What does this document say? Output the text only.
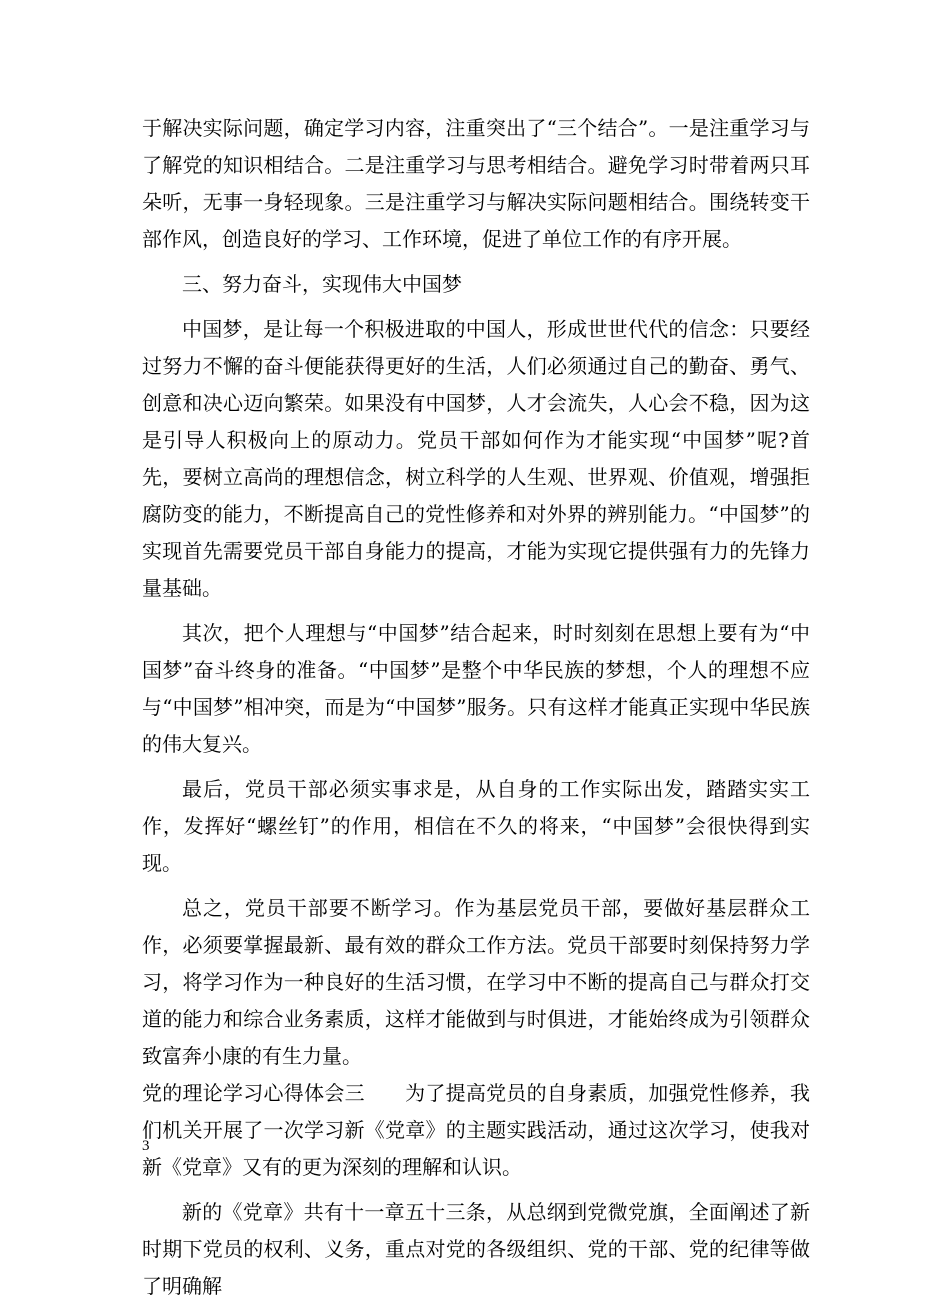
于解决实际问题，确定学习内容，注重突出了“三个结合”。一是注重学习与了解党的知识相结合。二是注重学习与思考相结合。避免学习时带着两只耳朵听，无事一身轻现象。三是注重学习与解决实际问题相结合。围绕转变干部作风，创造良好的学习、工作环境，促进了单位工作的有序开展。

三、努力奋斗，实现伟大中国梦

中国梦，是让每一个积极进取的中国人，形成世世代代的信念：只要经过努力不懈的奋斗便能获得更好的生活，人们必须通过自己的勤奋、勇气、创意和决心迈向繁荣。如果没有中国梦，人才会流失，人心会不稳，因为这是引导人积极向上的原动力。党员干部如何作为才能实现“中国梦”呢?首先，要树立高尚的理想信念，树立科学的人生观、世界观、价值观，增强拒腐防变的能力，不断提高自己的党性修养和对外界的辨别能力。“中国梦”的实现首先需要党员干部自身能力的提高，才能为实现它提供强有力的先锋力量基础。

其次，把个人理想与“中国梦”结合起来，时时刻刻在思想上要有为“中国梦”奋斗终身的准备。“中国梦”是整个中华民族的梦想，个人的理想不应与“中国梦”相冲突，而是为“中国梦”服务。只有这样才能真正实现中华民族的伟大复兴。

最后，党员干部必须实事求是，从自身的工作实际出发，踏踏实实工作，发挥好“螺丝钉”的作用，相信在不久的将来，“中国梦”会很快得到实现。

总之，党员干部要不断学习。作为基层党员干部，要做好基层群众工作，必须要掌握最新、最有效的群众工作方法。党员干部要时刻保持努力学习，将学习作为一种良好的生活习惯，在学习中不断的提高自己与群众打交道的能力和综合业务素质，这样才能做到与时俱进，才能始终成为引领群众致富奔小康的有生力量。

党的理论学习心得体会三 为了提高党员的自身素质，加强党性修养，我们机关开展了一次学习新《党章》的主题实践活动，通过这次学习，使我对新《党章》又有的更为深刻的理解和认识。

新的《党章》共有十一章五十三条，从总纲到党微党旗，全面阐述了新时期下党员的权利、义务，重点对党的各级组织、党的干部、党的纪律等做了明确解

3
